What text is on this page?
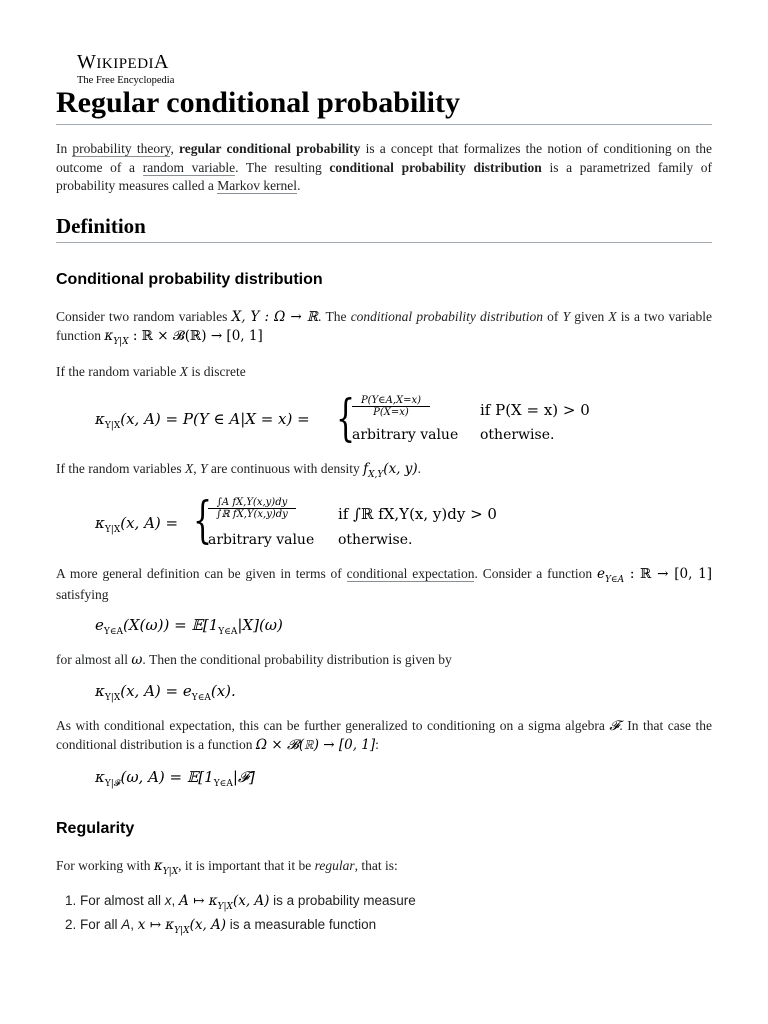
WIKIPEDIA
The Free Encyclopedia
Regular conditional probability
In probability theory, regular conditional probability is a concept that formalizes the notion of conditioning on the outcome of a random variable. The resulting conditional probability distribution is a parametrized family of probability measures called a Markov kernel.
Definition
Conditional probability distribution
Consider two random variables X, Y : Ω → ℝ. The conditional probability distribution of Y given X is a two variable function $\kappa_{Y|X}$ : ℝ × 𝓑(ℝ) → [0, 1]
If the random variable X is discrete
$\kappa_{Y|X}(x$, A) = P(Y ∈ A|X = x) = {
$\frac{P(Y\in A,X=x)}{P(X=x)}$	if P(X = x) > 0
arbitrary value otherwise.
If the random variables X, Y are continuous with density $f_{X,Y}(x$, y).
$\kappa_{Y|X}(x$, A) = { ∫A fX,Y(x,y)dy
∫ℝ fX,Y(x,y)dy	if ∫ℝ fX,Y(x, y)dy > 0
arbitrary value otherwise.
A more general definition can be given in terms of conditional expectation. Consider a function $e_{Y\in A}$ : ℝ → [0, 1] satisfying
$e_{Y\in A}(X(\omega))$ = $𝔼[1_{Y\in A}|X](\omega)$
for almost all ω. Then the conditional probability distribution is given by
$\kappa_{Y|X}(x$, $A) = e_{Y\in A}(x)$.
As with conditional expectation, this can be further generalized to conditioning on a sigma algebra 𝓕. In that case the conditional distribution is a function Ω × 𝓑(ℝ) → [0, 1]:
$\kappa_{Y|𝓕}(\omega$, $A) = 𝔼[1_{Y\in A}|𝓕]$
Regularity
For working with $\kappa_{Y|X}$, it is important that it be regular, that is:
1. For almost all x, A ↦ $\kappa_{Y|X}(x$, A) is a probability measure
2. For all A, x ↦ $\kappa_{Y|X}(x$, A) is a measurable function
